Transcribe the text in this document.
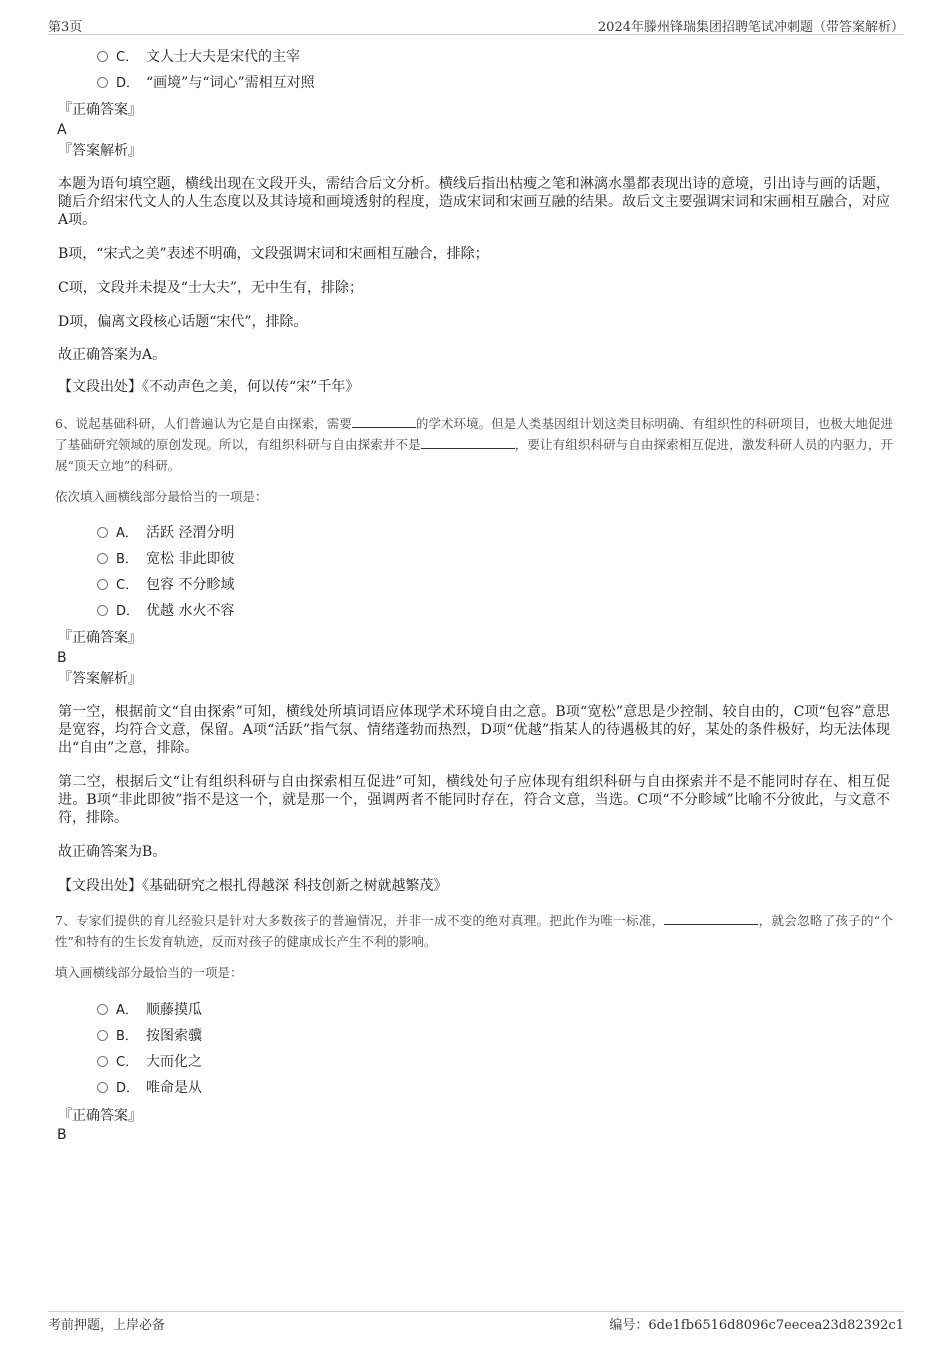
第3页	2024年滕州锋瑞集团招聘笔试冲刺题（带答案解析）
C． 文人士大夫是宋代的主宰
D． “画境”与“词心”需相互对照
『正确答案』
A
『答案解析』
本题为语句填空题，横线出现在文段开头，需结合后文分析。横线后指出枯瘦之笔和淋漓水墨都表现出诗的意境，引出诗与画的话题，随后介绍宋代文人的人生态度以及其诗境和画境透射的程度，造成宋词和宋画互融的结果。故后文主要强调宋词和宋画相互融合，对应A项。
B项，“宋式之美”表述不明确，文段强调宋词和宋画相互融合，排除；
C项，文段并未提及“士大夫”，无中生有，排除；
D项，偏离文段核心话题“宋代”，排除。
故正确答案为A。
【文段出处】《不动声色之美，何以传“宋”千年》
6、说起基础科研，人们普遍认为它是自由探索，需要	的学术环境。但是人类基因组计划这类目标明确、有组织性的科研项目，也极大地促进了基础研究领域的原创发现。所以，有组织科研与自由探索并不是	，要让有组织科研与自由探索相互促进，激发科研人员的内驱力，开展“顶天立地”的科研。
依次填入画横线部分最恰当的一项是：
A． 活跃 泾渭分明
B． 宽松 非此即彼
C． 包容 不分畛域
D． 优越 水火不容
『正确答案』
B
『答案解析』
第一空，根据前文“自由探索”可知，横线处所填词语应体现学术环境自由之意。B项“宽松”意思是少控制、较自由的，C项“包容”意思是宽容，均符合文意，保留。A项“活跃”指气氛、情绪蓬勃而热烈，D项“优越”指某人的待遇极其的好，某处的条件极好，均无法体现出“自由”之意，排除。
第二空，根据后文“让有组织科研与自由探索相互促进”可知，横线处句子应体现有组织科研与自由探索并不是不能同时存在、相互促进。B项“非此即彼”指不是这一个，就是那一个，强调两者不能同时存在，符合文意，当选。C项“不分畛域”比喻不分彼此，与文意不符，排除。
故正确答案为B。
【文段出处】《基础研究之根扎得越深 科技创新之树就越繁茂》
7、专家们提供的育儿经验只是针对大多数孩子的普遍情况，并非一成不变的绝对真理。把此作为唯一标准，	，就会忽略了孩子的“个性”和特有的生长发育轨迹，反而对孩子的健康成长产生不利的影响。
填入画横线部分最恰当的一项是：
A． 顺藤摸瓜
B． 按图索骥
C． 大而化之
D． 唯命是从
『正确答案』
B
考前押题，上岸必备	编号：6de1fb6516d8096c7eecea23d82392c1
